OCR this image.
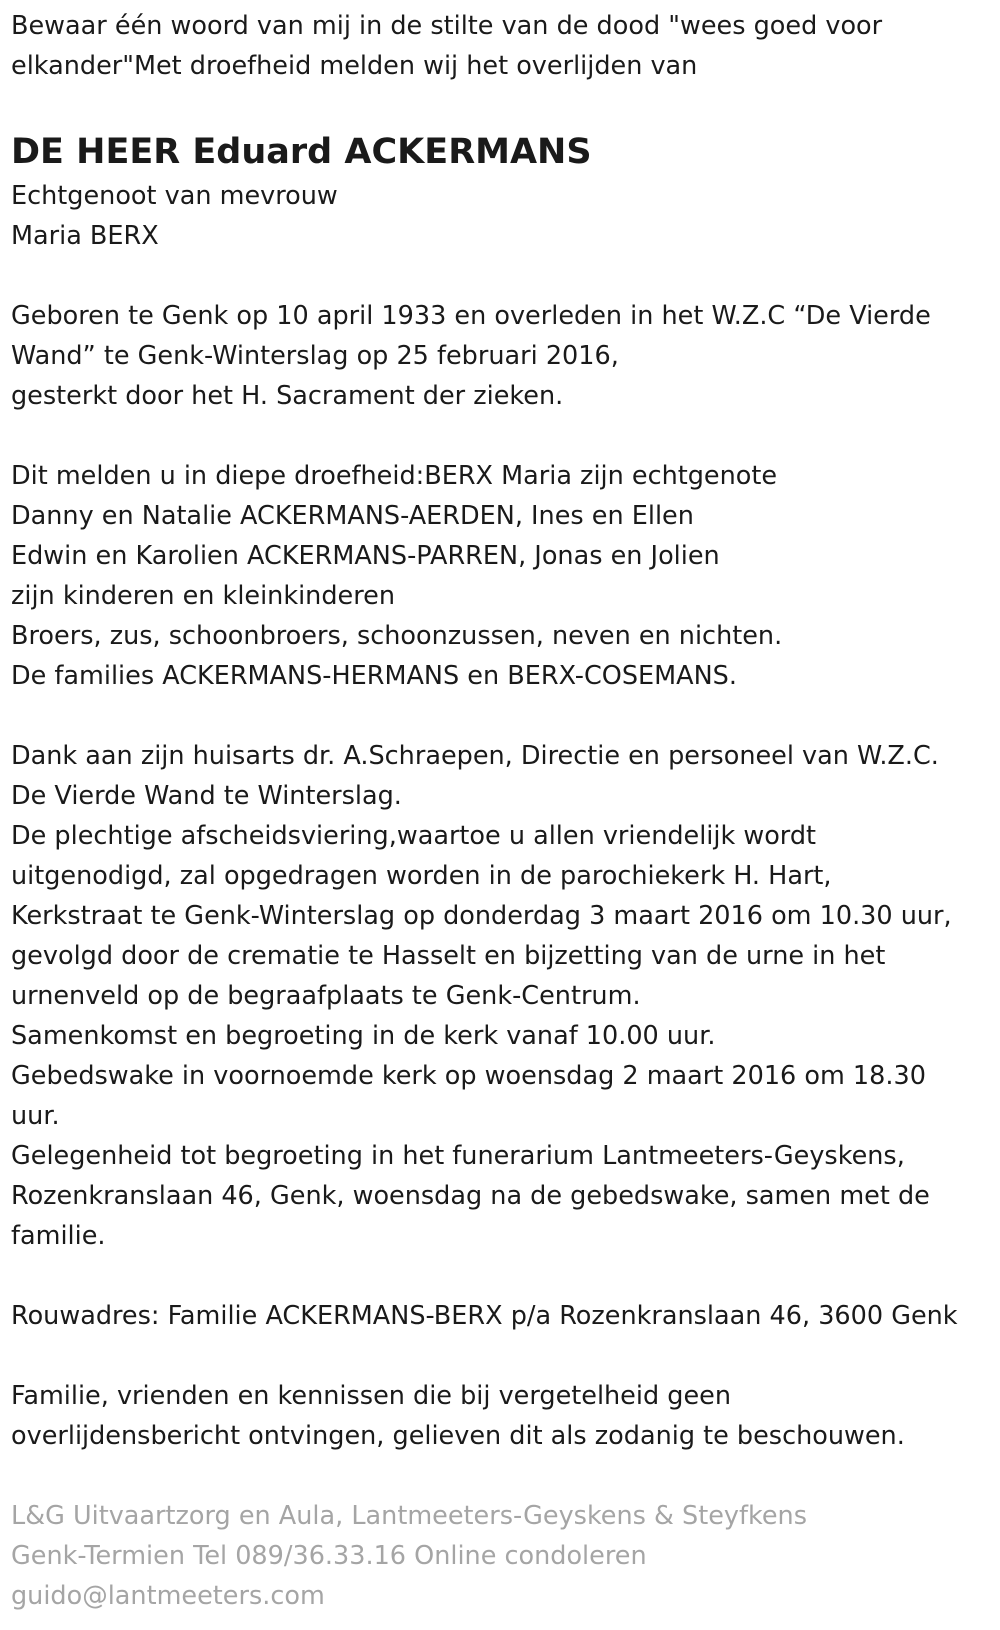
Bewaar één woord van mij in de stilte van de dood "wees goed voor
elkander"Met droefheid melden wij het overlijden van
DE HEER Eduard ACKERMANS
Echtgenoot van mevrouw
Maria BERX
Geboren te Genk op 10 april 1933 en overleden in het W.Z.C “De Vierde
Wand” te Genk-Winterslag op 25 februari 2016,
gesterkt door het H. Sacrament der zieken.
Dit melden u in diepe droefheid:BERX Maria zijn echtgenote
Danny en Natalie ACKERMANS-AERDEN, Ines en Ellen
Edwin en Karolien ACKERMANS-PARREN, Jonas en Jolien
zijn kinderen en kleinkinderen
Broers, zus, schoonbroers, schoonzussen, neven en nichten.
De families ACKERMANS-HERMANS en BERX-COSEMANS.
Dank aan zijn huisarts dr. A.Schraepen, Directie en personeel van W.Z.C.
De Vierde Wand te Winterslag.
De plechtige afscheidsviering,waartoe u allen vriendelijk wordt
uitgenodigd, zal opgedragen worden in de parochiekerk H. Hart,
Kerkstraat te Genk-Winterslag op donderdag 3 maart 2016 om 10.30 uur,
gevolgd door de crematie te Hasselt en bijzetting van de urne in het
urnenveld op de begraafplaats te Genk-Centrum.
Samenkomst en begroeting in de kerk vanaf 10.00 uur.
Gebedswake in voornoemde kerk op woensdag 2 maart 2016 om 18.30
uur.
Gelegenheid tot begroeting in het funerarium Lantmeeters-Geyskens,
Rozenkranslaan 46, Genk, woensdag na de gebedswake, samen met de
familie.
Rouwadres: Familie ACKERMANS-BERX p/a Rozenkranslaan 46, 3600 Genk
Familie, vrienden en kennissen die bij vergetelheid geen
overlijdensbericht ontvingen, gelieven dit als zodanig te beschouwen.
L&G Uitvaartzorg en Aula, Lantmeeters-Geyskens & Steyfkens
Genk-Termien Tel 089/36.33.16 Online condoleren
guido@lantmeeters.com
